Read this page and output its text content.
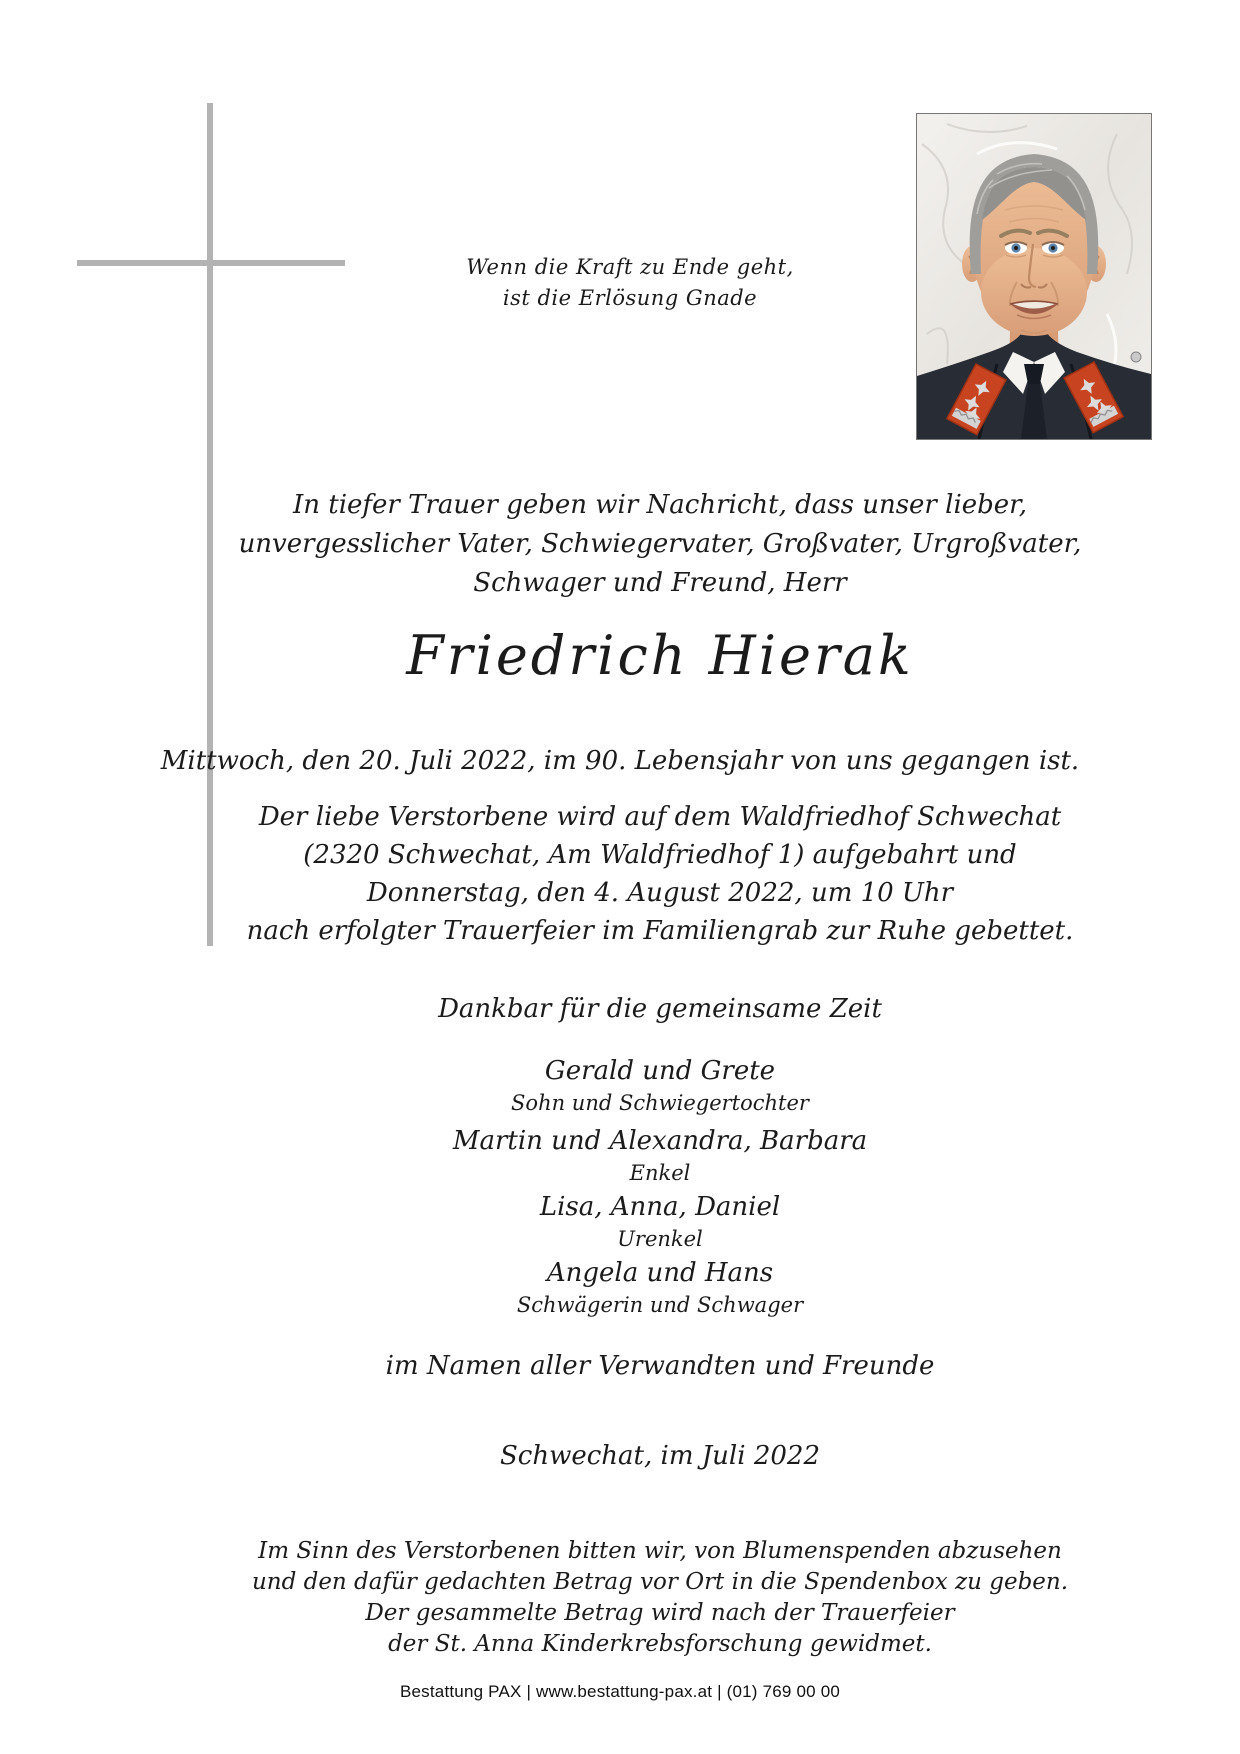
Wenn die Kraft zu Ende geht,
ist die Erlösung Gnade
In tiefer Trauer geben wir Nachricht, dass unser lieber,
unvergesslicher Vater, Schwiegervater, Großvater, Urgroßvater,
Schwager und Freund, Herr
Friedrich Hierak
Mittwoch, den 20. Juli 2022, im 90. Lebensjahr von uns gegangen ist.
Der liebe Verstorbene wird auf dem Waldfriedhof Schwechat
(2320 Schwechat, Am Waldfriedhof 1) aufgebahrt und
Donnerstag, den 4. August 2022, um 10 Uhr
nach erfolgter Trauerfeier im Familiengrab zur Ruhe gebettet.
Dankbar für die gemeinsame Zeit
Gerald und Grete
Sohn und Schwiegertochter
Martin und Alexandra, Barbara
Enkel
Lisa, Anna, Daniel
Urenkel
Angela und Hans
Schwägerin und Schwager
im Namen aller Verwandten und Freunde
Schwechat, im Juli 2022
Im Sinn des Verstorbenen bitten wir, von Blumenspenden abzusehen
und den dafür gedachten Betrag vor Ort in die Spendenbox zu geben.
Der gesammelte Betrag wird nach der Trauerfeier
der St. Anna Kinderkrebsforschung gewidmet.
Bestattung PAX | www.bestattung-pax.at | (01) 769 00 00
